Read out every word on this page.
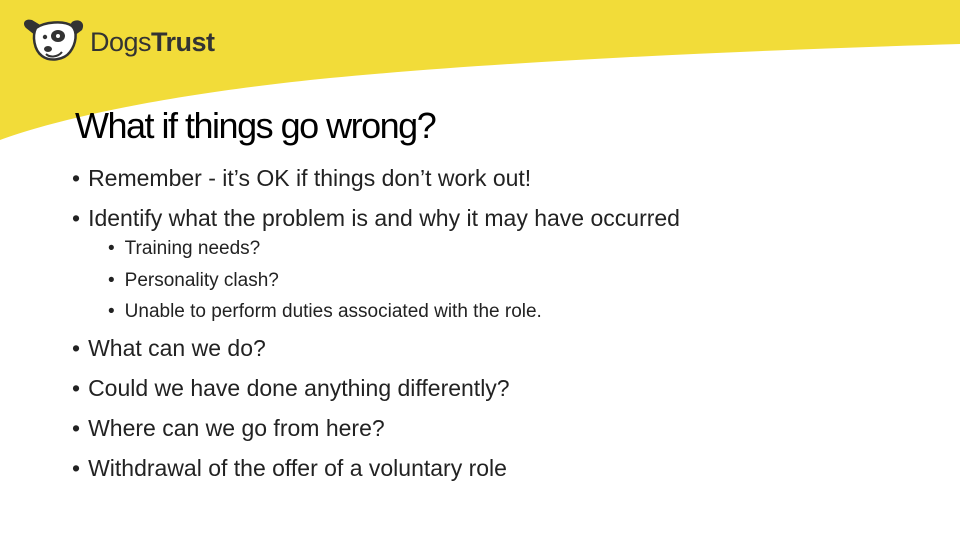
DogsTrust
What if things go wrong?
• Remember - it’s OK if things don’t work out!
• Identify what the problem is and why it may have occurred
• Training needs?
• Personality clash?
• Unable to perform duties associated with the role.
• What can we do?
• Could we have done anything differently?
• Where can we go from here?
• Withdrawal of the offer of a voluntary role
